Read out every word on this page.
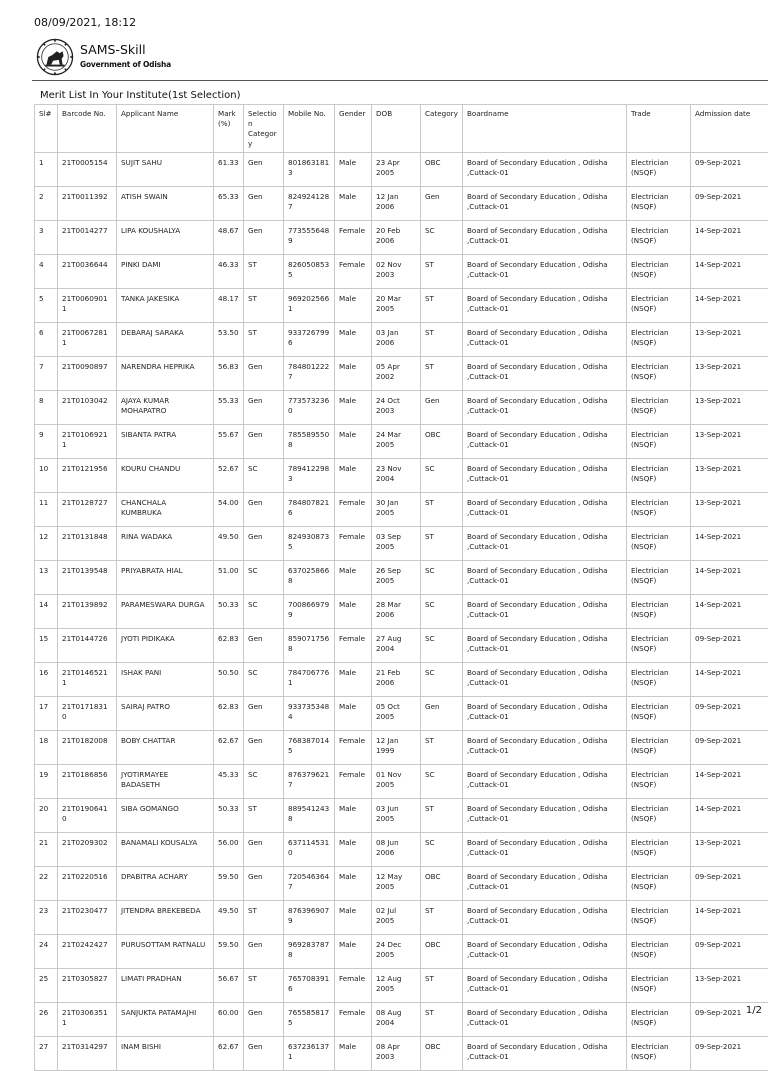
08/09/2021, 18:12
SAMS-Skill
Government of Odisha
Merit List In Your Institute(1st Selection)
Sl#	Barcode No.	Applicant Name	Mark (%)	Selection Category	Mobile No.	Gender	DOB	Category	Boardname	Trade	Admission date
1	21T0005154	SUJIT SAHU	61.33	Gen	8018631813	Male	23 Apr 2005	OBC	Board of Secondary Education , Odisha ,Cuttack-01	Electrician (NSQF)	09-Sep-2021
2	21T0011392	ATISH SWAIN	65.33	Gen	8249241287	Male	12 Jan 2006	Gen	Board of Secondary Education , Odisha ,Cuttack-01	Electrician (NSQF)	09-Sep-2021
3	21T0014277	LIPA KOUSHALYA	48.67	Gen	7735556489	Female	20 Feb 2006	SC	Board of Secondary Education , Odisha ,Cuttack-01	Electrician (NSQF)	14-Sep-2021
4	21T0036644	PINKI DAMI	46.33	ST	8260508535	Female	02 Nov 2003	ST	Board of Secondary Education , Odisha ,Cuttack-01	Electrician (NSQF)	14-Sep-2021
5	21T00609011	TANKA JAKESIKA	48.17	ST	9692025661	Male	20 Mar 2005	ST	Board of Secondary Education , Odisha ,Cuttack-01	Electrician (NSQF)	14-Sep-2021
6	21T00672811	DEBARAJ SARAKA	53.50	ST	9337267996	Male	03 Jan 2006	ST	Board of Secondary Education , Odisha ,Cuttack-01	Electrician (NSQF)	13-Sep-2021
7	21T0090897	NARENDRA HEPRIKA	56.83	Gen	7848012227	Male	05 Apr 2002	ST	Board of Secondary Education , Odisha ,Cuttack-01	Electrician (NSQF)	13-Sep-2021
8	21T0103042	AJAYA KUMAR MOHAPATRO	55.33	Gen	7735732360	Male	24 Oct 2003	Gen	Board of Secondary Education , Odisha ,Cuttack-01	Electrician (NSQF)	13-Sep-2021
9	21T01069211	SIBANTA PATRA	55.67	Gen	7855895508	Male	24 Mar 2005	OBC	Board of Secondary Education , Odisha ,Cuttack-01	Electrician (NSQF)	13-Sep-2021
10	21T0121956	KOURU CHANDU	52.67	SC	7894122983	Male	23 Nov 2004	SC	Board of Secondary Education , Odisha ,Cuttack-01	Electrician (NSQF)	13-Sep-2021
11	21T0128727	CHANCHALA KUMBRUKA	54.00	Gen	7848078216	Female	30 Jan 2005	ST	Board of Secondary Education , Odisha ,Cuttack-01	Electrician (NSQF)	13-Sep-2021
12	21T0131848	RINA WADAKA	49.50	Gen	8249308735	Female	03 Sep 2005	ST	Board of Secondary Education , Odisha ,Cuttack-01	Electrician (NSQF)	14-Sep-2021
13	21T0139548	PRIYABRATA HIAL	51.00	SC	6370258668	Male	26 Sep 2005	SC	Board of Secondary Education , Odisha ,Cuttack-01	Electrician (NSQF)	14-Sep-2021
14	21T0139892	PARAMESWARA DURGA	50.33	SC	7008669799	Male	28 Mar 2006	SC	Board of Secondary Education , Odisha ,Cuttack-01	Electrician (NSQF)	14-Sep-2021
15	21T0144726	JYOTI PIDIKAKA	62.83	Gen	8590717568	Female	27 Aug 2004	SC	Board of Secondary Education , Odisha ,Cuttack-01	Electrician (NSQF)	09-Sep-2021
16	21T01465211	ISHAK PANI	50.50	SC	7847067761	Male	21 Feb 2006	SC	Board of Secondary Education , Odisha ,Cuttack-01	Electrician (NSQF)	14-Sep-2021
17	21T01718310	SAIRAJ PATRO	62.83	Gen	9337353484	Male	05 Oct 2005	Gen	Board of Secondary Education , Odisha ,Cuttack-01	Electrician (NSQF)	09-Sep-2021
18	21T0182008	BOBY CHATTAR	62.67	Gen	7683870145	Female	12 Jan 1999	ST	Board of Secondary Education , Odisha ,Cuttack-01	Electrician (NSQF)	09-Sep-2021
19	21T0186856	JYOTIRMAYEE BADASETH	45.33	SC	8763796217	Female	01 Nov 2005	SC	Board of Secondary Education , Odisha ,Cuttack-01	Electrician (NSQF)	14-Sep-2021
20	21T01906410	SIBA GOMANGO	50.33	ST	8895412438	Male	03 Jun 2005	ST	Board of Secondary Education , Odisha ,Cuttack-01	Electrician (NSQF)	14-Sep-2021
21	21T0209302	BANAMALI KOUSALYA	56.00	Gen	6371145310	Male	08 Jun 2006	SC	Board of Secondary Education , Odisha ,Cuttack-01	Electrician (NSQF)	13-Sep-2021
22	21T0220516	DPABITRA ACHARY	59.50	Gen	7205463647	Male	12 May 2005	OBC	Board of Secondary Education , Odisha ,Cuttack-01	Electrician (NSQF)	09-Sep-2021
23	21T0230477	JITENDRA BREKEBEDA	49.50	ST	8763969079	Male	02 Jul 2005	ST	Board of Secondary Education , Odisha ,Cuttack-01	Electrician (NSQF)	14-Sep-2021
24	21T0242427	PURUSOTTAM RATNALU	59.50	Gen	9692837878	Male	24 Dec 2005	OBC	Board of Secondary Education , Odisha ,Cuttack-01	Electrician (NSQF)	09-Sep-2021
25	21T0305827	LIMATI PRADHAN	56.67	ST	7657083916	Female	12 Aug 2005	ST	Board of Secondary Education , Odisha ,Cuttack-01	Electrician (NSQF)	13-Sep-2021
26	21T03063511	SANJUKTA PATAMAJHI	60.00	Gen	7655858175	Female	08 Aug 2004	ST	Board of Secondary Education , Odisha ,Cuttack-01	Electrician (NSQF)	09-Sep-2021
27	21T0314297	INAM BISHI	62.67	Gen	6372361371	Male	08 Apr 2003	OBC	Board of Secondary Education , Odisha ,Cuttack-01	Electrician (NSQF)	09-Sep-2021
1/2
